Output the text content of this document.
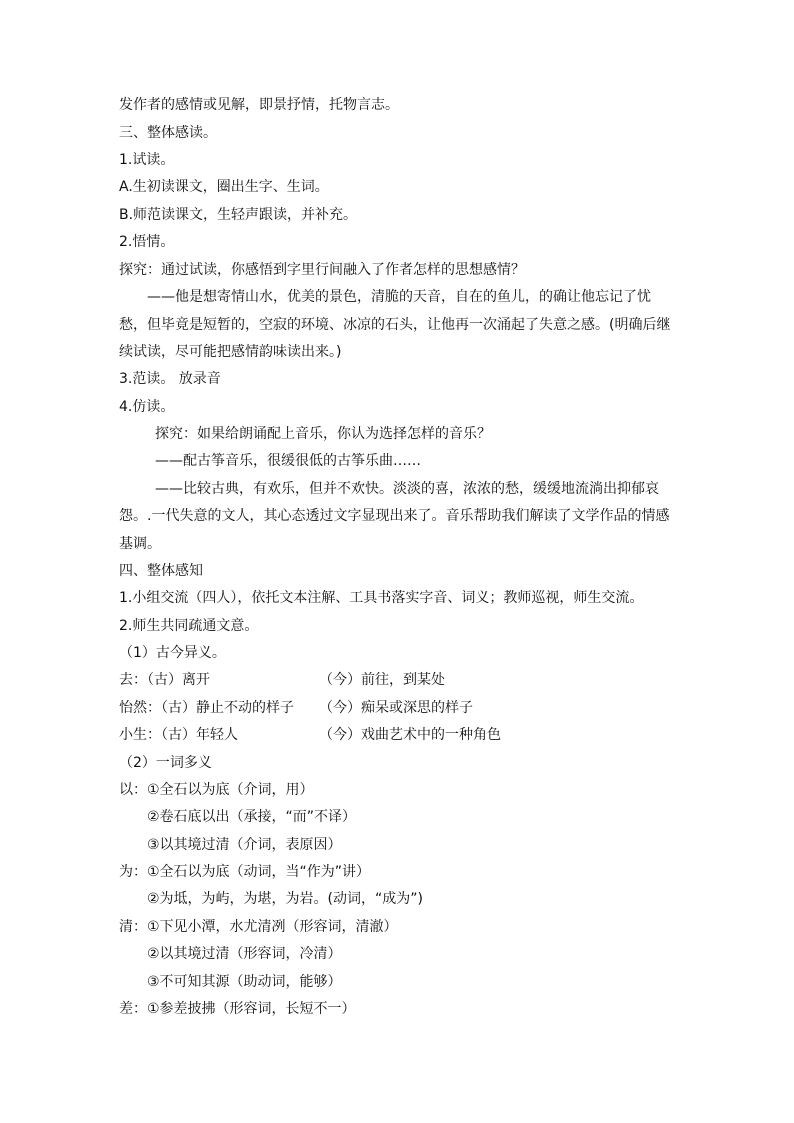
发作者的感情或见解，即景抒情，托物言志。
三、整体感读。
1.试读。
A.生初读课文，圈出生字、生词。
B.师范读课文，生轻声跟读，并补充。
2.悟情。
探究：通过试读，你感悟到字里行间融入了作者怎样的思想感情？
——他是想寄情山水，优美的景色，清脆的天音，自在的鱼儿，的确让他忘记了忧
愁，但毕竟是短暂的，空寂的环境、冰凉的石头，让他再一次涌起了失意之感。(明确后继
续试读，尽可能把感情韵味读出来。)
3.范读。 放录音
4.仿读。
探究：如果给朗诵配上音乐，你认为选择怎样的音乐？
——配古筝音乐，很缓很低的古筝乐曲……
——比较古典，有欢乐，但并不欢快。淡淡的喜，浓浓的愁，缓缓地流淌出抑郁哀
怨。.一代失意的文人，其心态透过文字显现出来了。音乐帮助我们解读了文学作品的情感
基调。
四、整体感知
1.小组交流（四人），依托文本注解、工具书落实字音、词义；教师巡视，师生交流。
2.师生共同疏通文意。
（1）古今异义。
去：（古）离开	（今）前往，到某处
怡然：（古）静止不动的样子 （今）痴呆或深思的样子
小生：（古）年轻人	（今）戏曲艺术中的一种角色
（2）一词多义
以：①全石以为底（介词，用）
②卷石底以出（承接，“而”不译）
③以其境过清（介词，表原因）
为：①全石以为底（动词，当“作为”讲）
②为坻，为屿，为堪，为岩。(动词，“成为”)
清：①下见小潭，水尤清冽（形容词，清澈）
②以其境过清（形容词，冷清）
③不可知其源（助动词，能够）
差：①参差披拂（形容词，长短不一）
